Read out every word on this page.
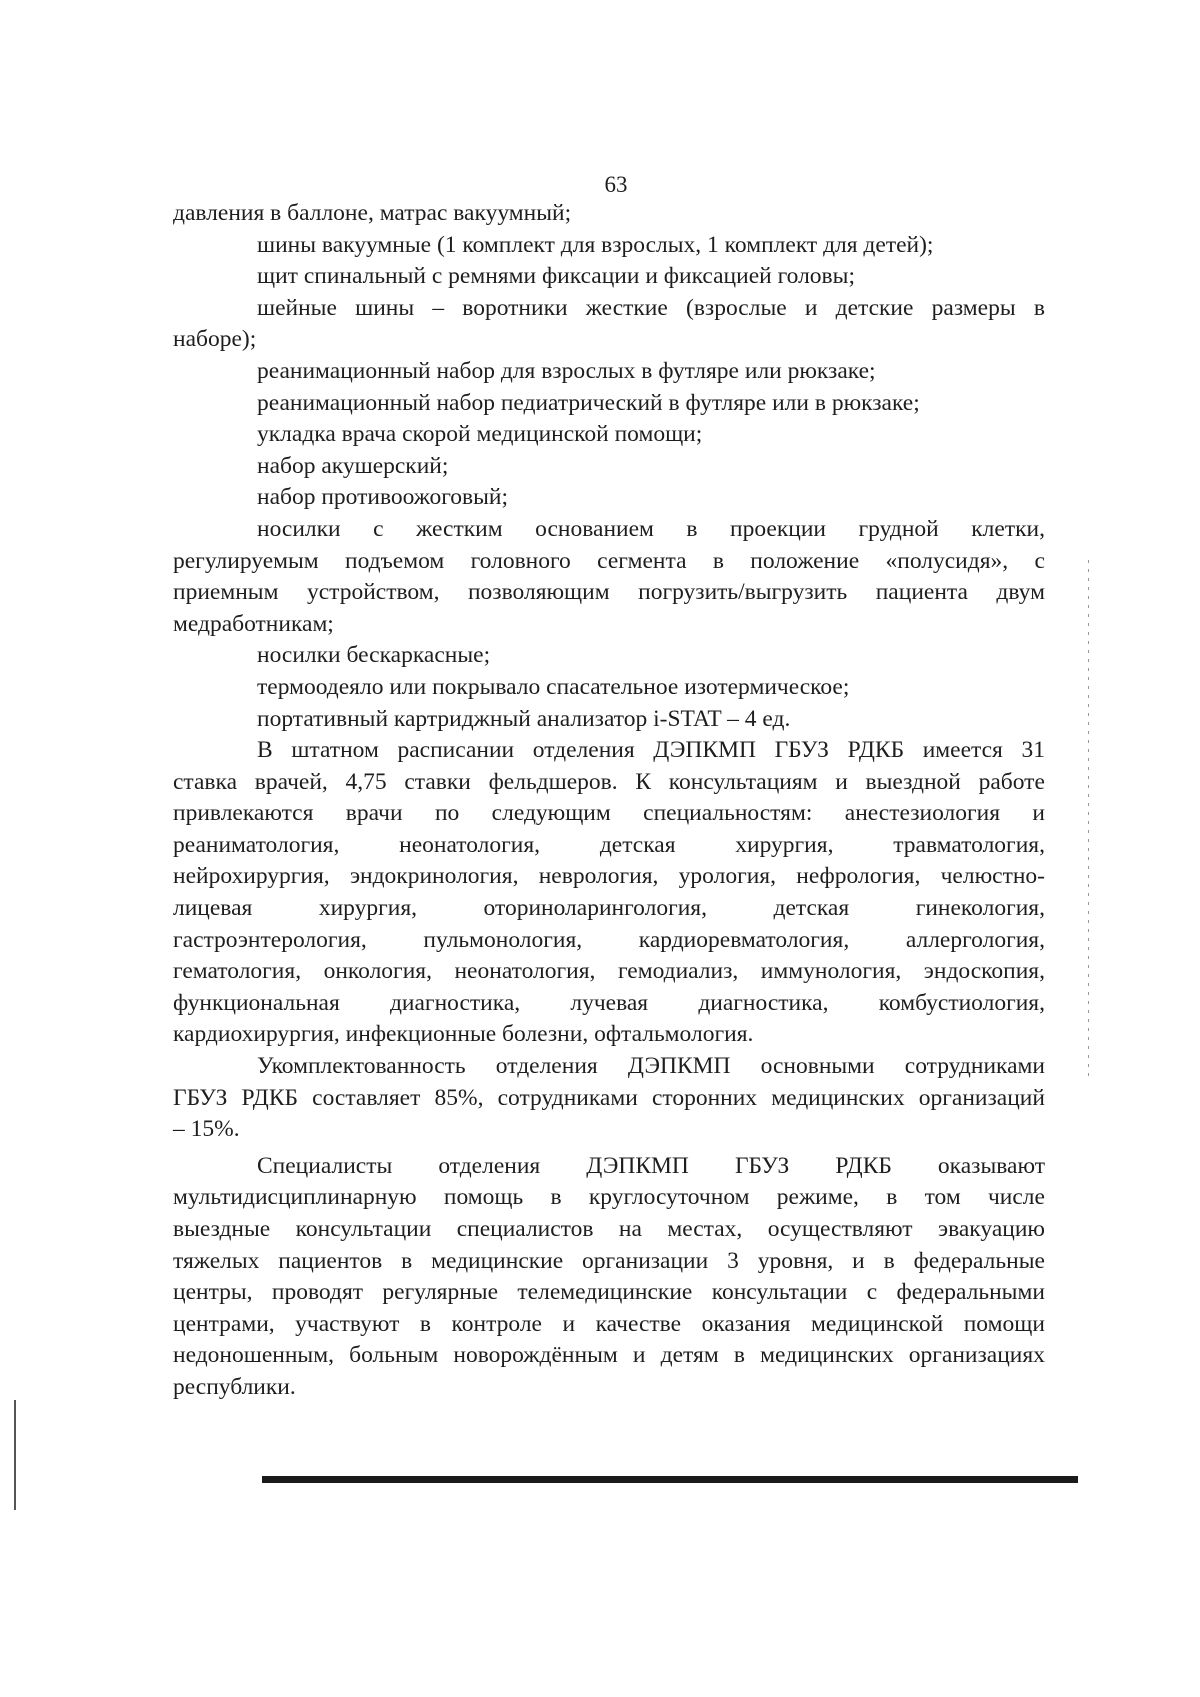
63
давления в баллоне, матрас вакуумный;
шины вакуумные (1 комплект для взрослых, 1 комплект для детей);
щит спинальный с ремнями фиксации и фиксацией головы;
шейные шины – воротники жесткие (взрослые и детские размеры в
наборе);
реанимационный набор для взрослых в футляре или рюкзаке;
реанимационный набор педиатрический в футляре или в рюкзаке;
укладка врача скорой медицинской помощи;
набор акушерский;
набор противоожоговый;
носилки с жестким основанием в проекции грудной клетки,
регулируемым подъемом головного сегмента в положение «полусидя», с
приемным устройством, позволяющим погрузить/выгрузить пациента двум
медработникам;
носилки бескаркасные;
термоодеяло или покрывало спасательное изотермическое;
портативный картриджный анализатор i-STAT – 4 ед.
В штатном расписании отделения ДЭПКМП ГБУЗ РДКБ имеется 31
ставка врачей, 4,75 ставки фельдшеров. К консультациям и выездной работе
привлекаются врачи по следующим специальностям: анестезиология и
реаниматология,	неонатология,	детская	хирургия,	травматология,
нейрохирургия, эндокринология, неврология, урология, нефрология, челюстно-
лицевая	хирургия,	оториноларингология,	детская	гинекология,
гастроэнтерология, пульмонология, кардиоревматология, аллергология,
гематология, онкология, неонатология, гемодиализ, иммунология, эндоскопия,
функциональная диагностика, лучевая диагностика, комбустиология,
кардиохирургия, инфекционные болезни, офтальмология.
Укомплектованность отделения ДЭПКМП основными сотрудниками
ГБУЗ РДКБ составляет 85%, сотрудниками сторонних медицинских организаций
– 15%.
Специалисты отделения ДЭПКМП ГБУЗ РДКБ оказывают
мультидисциплинарную помощь в круглосуточном режиме, в том числе
выездные консультации специалистов на местах, осуществляют эвакуацию
тяжелых пациентов в медицинские организации 3 уровня, и в федеральные
центры, проводят регулярные телемедицинские консультации с федеральными
центрами, участвуют в контроле и качестве оказания медицинской помощи
недоношенным, больным новорождённым и детям в медицинских организациях
республики.
